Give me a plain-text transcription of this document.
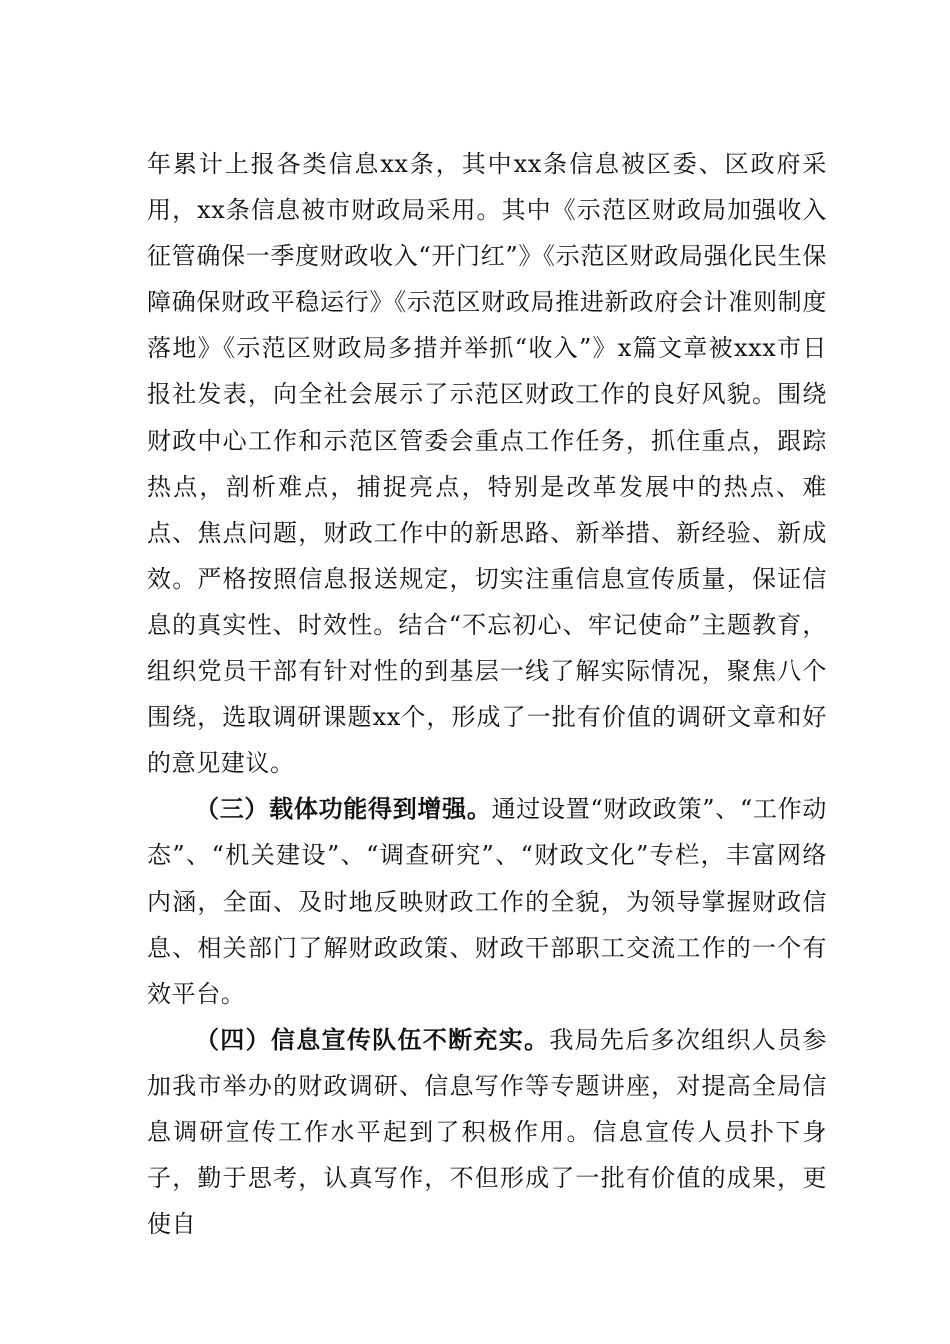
年累计上报各类信息xx条，其中xx条信息被区委、区政府采用，xx条信息被市财政局采用。其中《示范区财政局加强收入征管确保一季度财政收入“开门红”》《示范区财政局强化民生保障确保财政平稳运行》《示范区财政局推进新政府会计准则制度落地》《示范区财政局多措并举抓“收入”》x篇文章被xxx市日报社发表，向全社会展示了示范区财政工作的良好风貌。围绕财政中心工作和示范区管委会重点工作任务，抓住重点，跟踪热点，剖析难点，捕捉亮点，特别是改革发展中的热点、难点、焦点问题，财政工作中的新思路、新举措、新经验、新成效。严格按照信息报送规定，切实注重信息宣传质量，保证信息的真实性、时效性。结合“不忘初心、牢记使命”主题教育，组织党员干部有针对性的到基层一线了解实际情况，聚焦八个围绕，选取调研课题xx个，形成了一批有价值的调研文章和好的意见建议。

（三）载体功能得到增强。通过设置“财政政策”、“工作动态”、“机关建设”、“调查研究”、“财政文化”专栏，丰富网络内涵，全面、及时地反映财政工作的全貌，为领导掌握财政信息、相关部门了解财政政策、财政干部职工交流工作的一个有效平台。

（四）信息宣传队伍不断充实。我局先后多次组织人员参加我市举办的财政调研、信息写作等专题讲座，对提高全局信息调研宣传工作水平起到了积极作用。信息宣传人员扑下身子，勤于思考，认真写作，不但形成了一批有价值的成果，更使自
